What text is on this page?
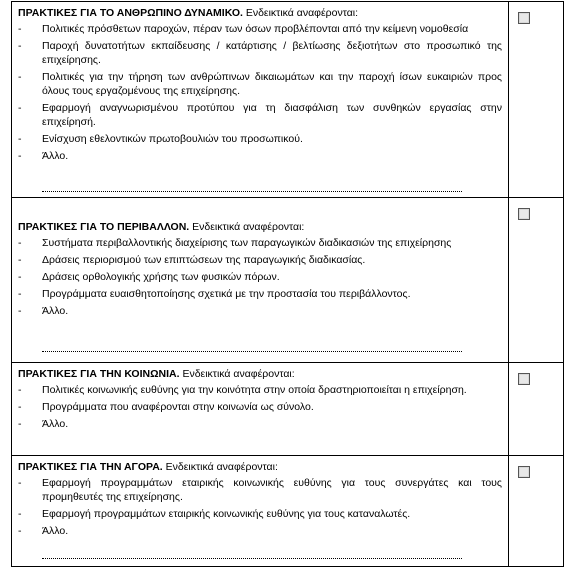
ΠΡΑΚΤΙΚΕΣ ΓΙΑ ΤΟ ΑΝΘΡΩΠΙΝΟ ΔΥΝΑΜΙΚΟ. Ενδεικτικά αναφέρονται:
- Πολιτικές πρόσθετων παροχών, πέραν των όσων προβλέπονται από την κείμενη νομοθεσία
- Παροχή δυνατοτήτων εκπαίδευσης / κατάρτισης / βελτίωσης δεξιοτήτων στο προσωπικό της επιχείρησης.
- Πολιτικές για την τήρηση των ανθρώπινων δικαιωμάτων και την παροχή ίσων ευκαιριών προς όλους τους εργαζομένους της επιχείρησης.
- Εφαρμογή αναγνωρισμένου προτύπου για τη διασφάλιση των συνθηκών εργασίας στην επιχείρησή.
- Ενίσχυση εθελοντικών πρωτοβουλιών του προσωπικού.
- Άλλο.
ΠΡΑΚΤΙΚΕΣ ΓΙΑ ΤΟ ΠΕΡΙΒΑΛΛΟΝ. Ενδεικτικά αναφέρονται:
- Συστήματα περιβαλλοντικής διαχείρισης των παραγωγικών διαδικασιών της επιχείρησης
- Δράσεις περιορισμού των επιπτώσεων της παραγωγικής διαδικασίας.
- Δράσεις ορθολογικής χρήσης των φυσικών πόρων.
- Προγράμματα ευαισθητοποίησης σχετικά με την προστασία του περιβάλλοντος.
- Άλλο.
ΠΡΑΚΤΙΚΕΣ ΓΙΑ ΤΗΝ ΚΟΙΝΩΝΙΑ. Ενδεικτικά αναφέρονται:
- Πολιτικές κοινωνικής ευθύνης για την κοινότητα στην οποία δραστηριοποιείται η επιχείρηση.
- Προγράμματα που αναφέρονται στην κοινωνία ως σύνολο.
- Άλλο.
ΠΡΑΚΤΙΚΕΣ ΓΙΑ ΤΗΝ ΑΓΟΡΑ. Ενδεικτικά αναφέρονται:
- Εφαρμογή προγραμμάτων εταιρικής κοινωνικής ευθύνης για τους συνεργάτες και τους προμηθευτές της επιχείρησης.
- Εφαρμογή προγραμμάτων εταιρικής κοινωνικής ευθύνης για τους καταναλωτές.
- Άλλο.
